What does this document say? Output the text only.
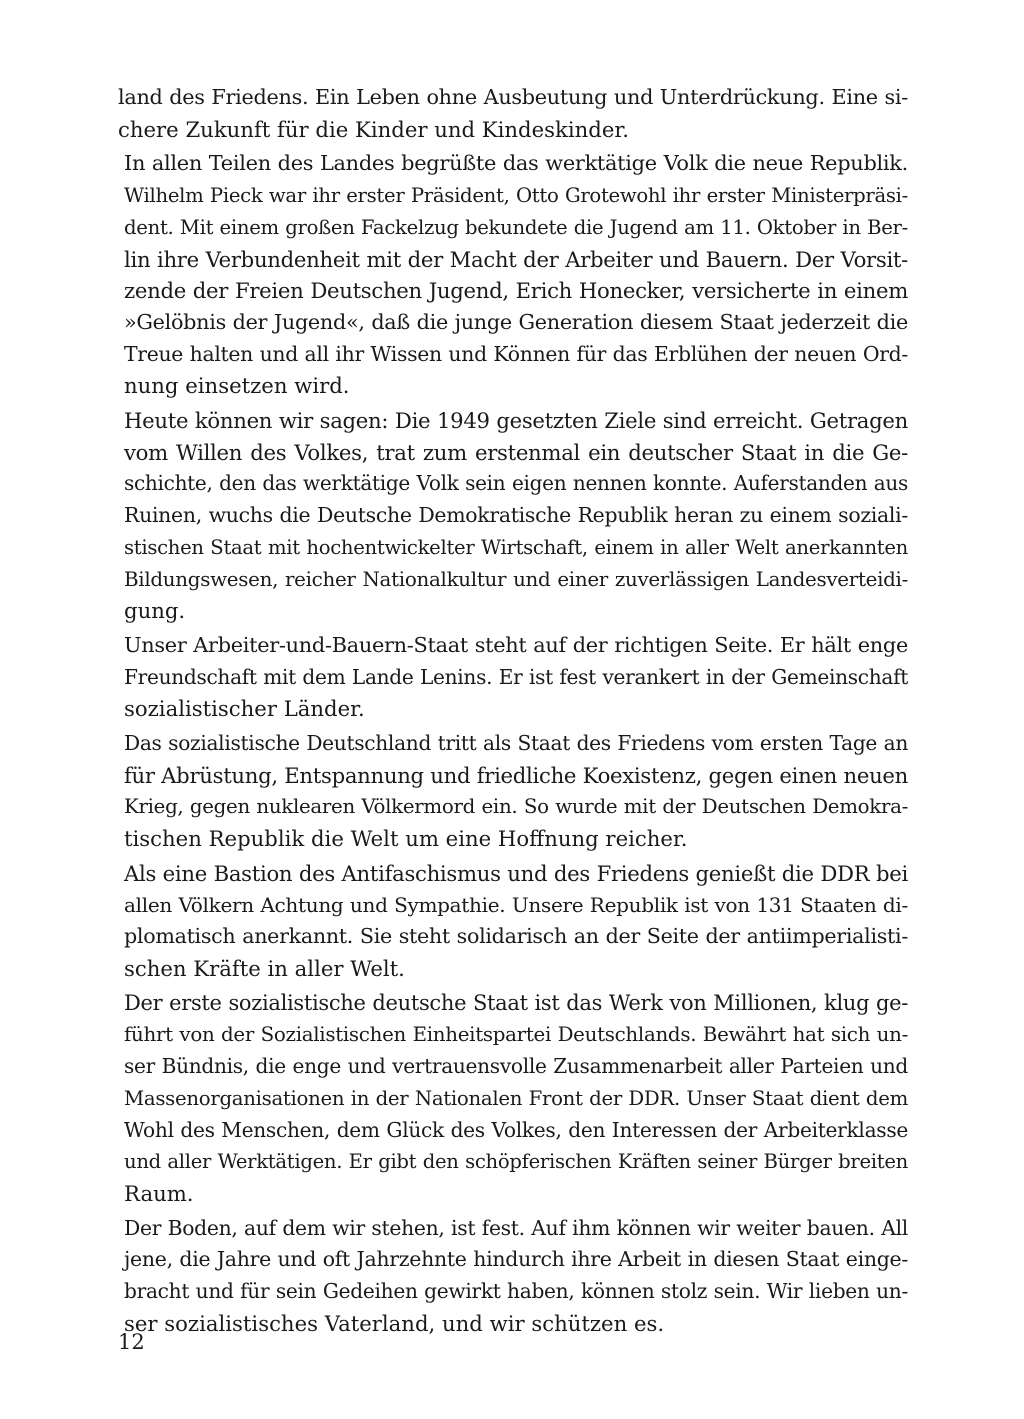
land des Friedens. Ein Leben ohne Ausbeutung und Unterdrückung. Eine si-
chere Zukunft für die Kinder und Kindeskinder.

In allen Teilen des Landes begrüßte das werktätige Volk die neue Republik.
Wilhelm Pieck war ihr erster Präsident, Otto Grotewohl ihr erster Ministerpräsi-
dent. Mit einem großen Fackelzug bekundete die Jugend am 11. Oktober in Ber-
lin ihre Verbundenheit mit der Macht der Arbeiter und Bauern. Der Vorsit-
zende der Freien Deutschen Jugend, Erich Honecker, versicherte in einem
»Gelöbnis der Jugend«, daß die junge Generation diesem Staat jederzeit die
Treue halten und all ihr Wissen und Können für das Erblühen der neuen Ord-
nung einsetzen wird.

Heute können wir sagen: Die 1949 gesetzten Ziele sind erreicht. Getragen
vom Willen des Volkes, trat zum erstenmal ein deutscher Staat in die Ge-
schichte, den das werktätige Volk sein eigen nennen konnte. Auferstanden aus
Ruinen, wuchs die Deutsche Demokratische Republik heran zu einem soziali-
stischen Staat mit hochentwickelter Wirtschaft, einem in aller Welt anerkannten
Bildungswesen, reicher Nationalkultur und einer zuverlässigen Landesverteidi-
gung.

Unser Arbeiter-und-Bauern-Staat steht auf der richtigen Seite. Er hält enge
Freundschaft mit dem Lande Lenins. Er ist fest verankert in der Gemeinschaft
sozialistischer Länder.

Das sozialistische Deutschland tritt als Staat des Friedens vom ersten Tage an
für Abrüstung, Entspannung und friedliche Koexistenz, gegen einen neuen
Krieg, gegen nuklearen Völkermord ein. So wurde mit der Deutschen Demokra-
tischen Republik die Welt um eine Hoffnung reicher.

Als eine Bastion des Antifaschismus und des Friedens genießt die DDR bei
allen Völkern Achtung und Sympathie. Unsere Republik ist von 131 Staaten di-
plomatisch anerkannt. Sie steht solidarisch an der Seite der antiimperialisti-
schen Kräfte in aller Welt.

Der erste sozialistische deutsche Staat ist das Werk von Millionen, klug ge-
führt von der Sozialistischen Einheitspartei Deutschlands. Bewährt hat sich un-
ser Bündnis, die enge und vertrauensvolle Zusammenarbeit aller Parteien und
Massenorganisationen in der Nationalen Front der DDR. Unser Staat dient dem
Wohl des Menschen, dem Glück des Volkes, den Interessen der Arbeiterklasse
und aller Werktätigen. Er gibt den schöpferischen Kräften seiner Bürger breiten
Raum.

Der Boden, auf dem wir stehen, ist fest. Auf ihm können wir weiter bauen. All
jene, die Jahre und oft Jahrzehnte hindurch ihre Arbeit in diesen Staat einge-
bracht und für sein Gedeihen gewirkt haben, können stolz sein. Wir lieben un-
ser sozialistisches Vaterland, und wir schützen es.

12
